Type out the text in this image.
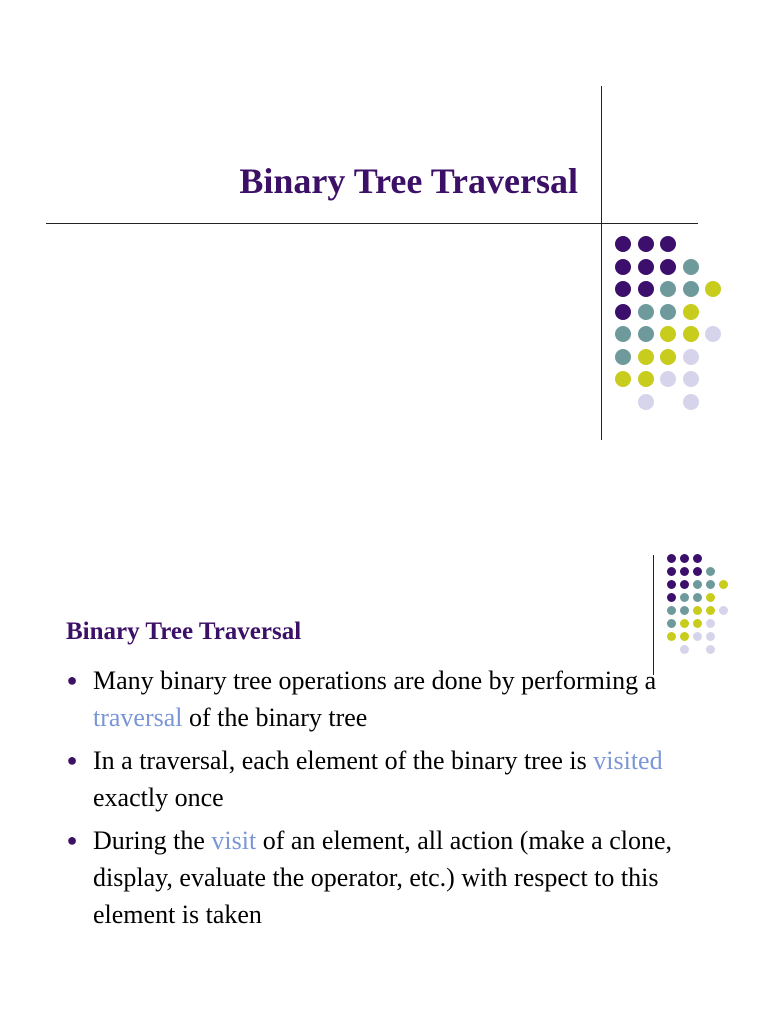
Binary Tree Traversal
Binary Tree Traversal
● Many binary tree operations are done by performing a traversal of the binary tree
● In a traversal, each element of the binary tree is visited exactly once
● During the visit of an element, all action (make a clone, display, evaluate the operator, etc.) with respect to this element is taken
